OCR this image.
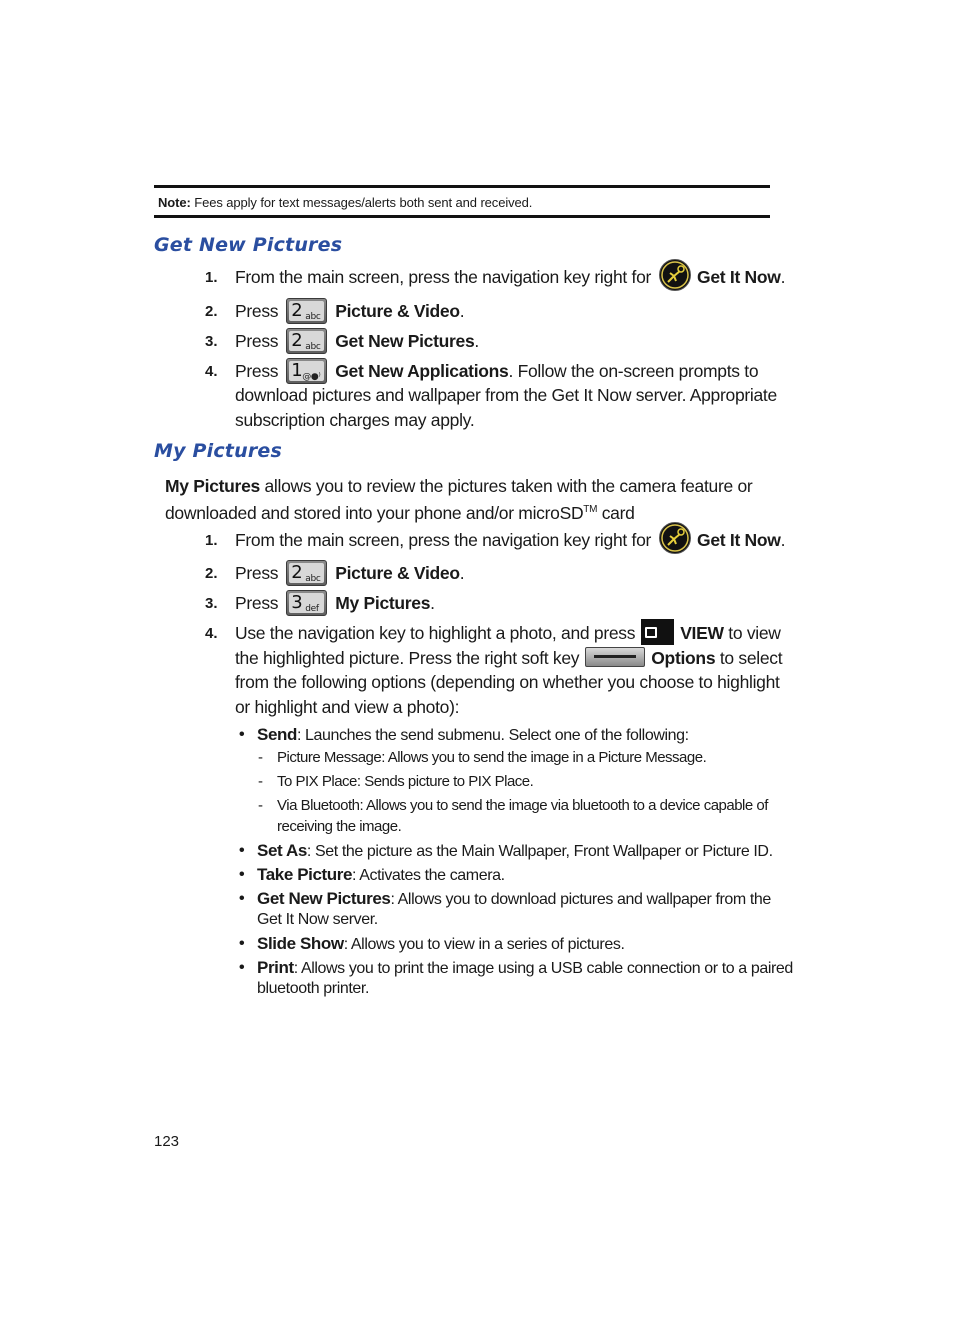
Note: Fees apply for text messages/alerts both sent and received.
Get New Pictures
1. From the main screen, press the navigation key right for	Get It Now.
2. Press 2 abc Picture & Video.
3. Press 2 abc Get New Pictures.
4. Press 1 @●⁾ Get New Applications. Follow the on-screen prompts to
download pictures and wallpaper from the Get It Now server. Appropriate
subscription charges may apply.
My Pictures
My Pictures allows you to review the pictures taken with the camera feature or
downloaded and stored into your phone and/or microSD™ card
1. From the main screen, press the navigation key right for	Get It Now.
2. Press 2 abc Picture & Video.
3. Press 3 def My Pictures.
4. Use the navigation key to highlight a photo, and press	VIEW to view
the highlighted picture. Press the right soft key	Options to select
from the following options (depending on whether you choose to highlight
or highlight and view a photo):
• Send: Launches the send submenu. Select one of the following:
- Picture Message: Allows you to send the image in a Picture Message.
- To PIX Place: Sends picture to PIX Place.
- Via Bluetooth: Allows you to send the image via bluetooth to a device capable of
receiving the image.
• Set As: Set the picture as the Main Wallpaper, Front Wallpaper or Picture ID.
• Take Picture: Activates the camera.
• Get New Pictures: Allows you to download pictures and wallpaper from the
Get It Now server.
• Slide Show: Allows you to view in a series of pictures.
• Print: Allows you to print the image using a USB cable connection or to a paired
bluetooth printer.
123
